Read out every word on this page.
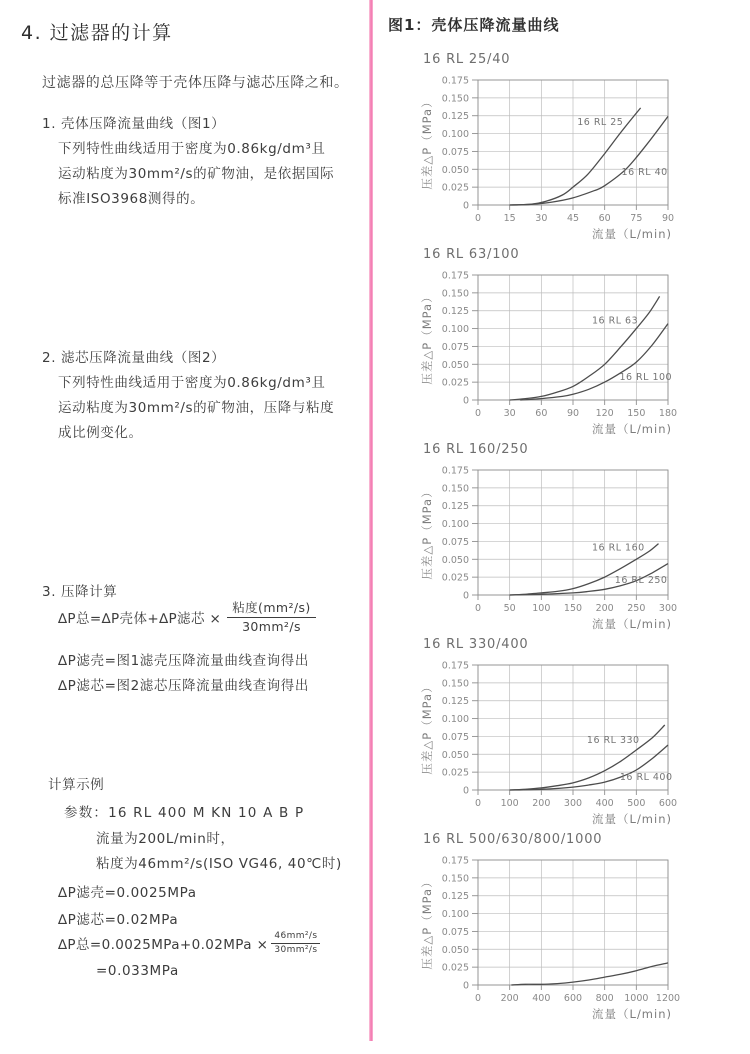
4. 过滤器的计算
过滤器的总压降等于壳体压降与滤芯压降之和。
1. 壳体压降流量曲线（图1）
下列特性曲线适用于密度为0.86kg/dm³且
运动粘度为30mm²/s的矿物油，是依据国际
标准ISO3968测得的。
2. 滤芯压降流量曲线（图2）
下列特性曲线适用于密度为0.86kg/dm³且
运动粘度为30mm²/s的矿物油，压降与粘度
成比例变化。
3. 压降计算
∆P总=∆P壳体+∆P滤芯 × $\frac{\text{粘度(mm²/s)}}{\text{30mm²/s}}$
∆P滤壳=图1滤壳压降流量曲线查询得出
∆P滤芯=图2滤芯压降流量曲线查询得出
计算示例
参数：16 RL 400 M KN 10 A B P
流量为200L/min时，
粘度为46mm²/s(ISO VG46, 40℃时)
∆P滤壳=0.0025MPa
∆P滤芯=0.02MPa
∆P总$=0.0025MPa+0.02MPa \times \frac{\text{46mm²/s}}{\text{30mm²/s}}$
=0.033MPa
图1：壳体压降流量曲线
16 RL 25/40
0 15 30 45 60 75 90
0
0.025
0.050
0.075
0.100
0.125
0.150
0.175
16 RL 25
16 RL 40
压差△P（MPa）
流量（L/min)
16 RL 63/100
0 30 60 90 120 150 180
0
0.025
0.050
0.075
0.100
0.125
0.150
0.175
16 RL 63
16 RL 100
压差△P（MPa）
流量（L/min)
16 RL 160/250
0 50 100 150 200 250 300
0
0.025
0.050
0.075
0.100
0.125
0.150
0.175
16 RL 160
16 RL 250
压差△P（MPa）
流量（L/min)
16 RL 330/400
0 100 200 300 400 500 600
0
0.025
0.050
0.075
0.100
0.125
0.150
0.175
16 RL 330
16 RL 400
压差△P（MPa）
流量（L/min)
16 RL 500/630/800/1000
0 200 400 600 800 1000 1200
0
0.025
0.050
0.075
0.100
0.125
0.150
0.175
压差△P（MPa）
流量（L/min)
